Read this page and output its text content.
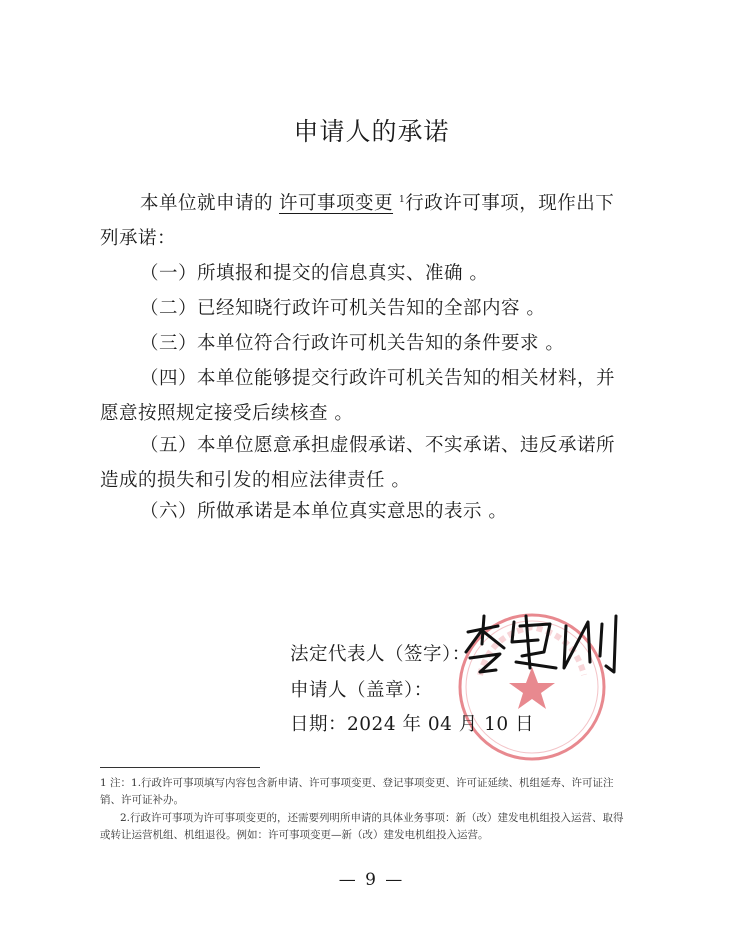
申请人的承诺
本单位就申请的 许可事项变更 $^1$行政许可事项，现作出下列承诺：
（一）所填报和提交的信息真实、准确 。
（二）已经知晓行政许可机关告知的全部内容 。
（三）本单位符合行政许可机关告知的条件要求 。
（四）本单位能够提交行政许可机关告知的相关材料，并愿意按照规定接受后续核查 。
（五）本单位愿意承担虚假承诺、不实承诺、违反承诺所造成的损失和引发的相应法律责任 。
（六）所做承诺是本单位真实意思的表示 。
法定代表人（签字）：
申请人（盖章）：
日期：2024 年 04 月 10 日
1 注：1.行政许可事项填写内容包含新申请、许可事项变更、登记事项变更、许可证延续、机组延寿、许可证注销、许可证补办。
2.行政许可事项为许可事项变更的，还需要列明所申请的具体业务事项：新（改）建发电机组投入运营、取得或转让运营机组、机组退役。例如：许可事项变更—新（改）建发电机组投入运营。
— 9 —
